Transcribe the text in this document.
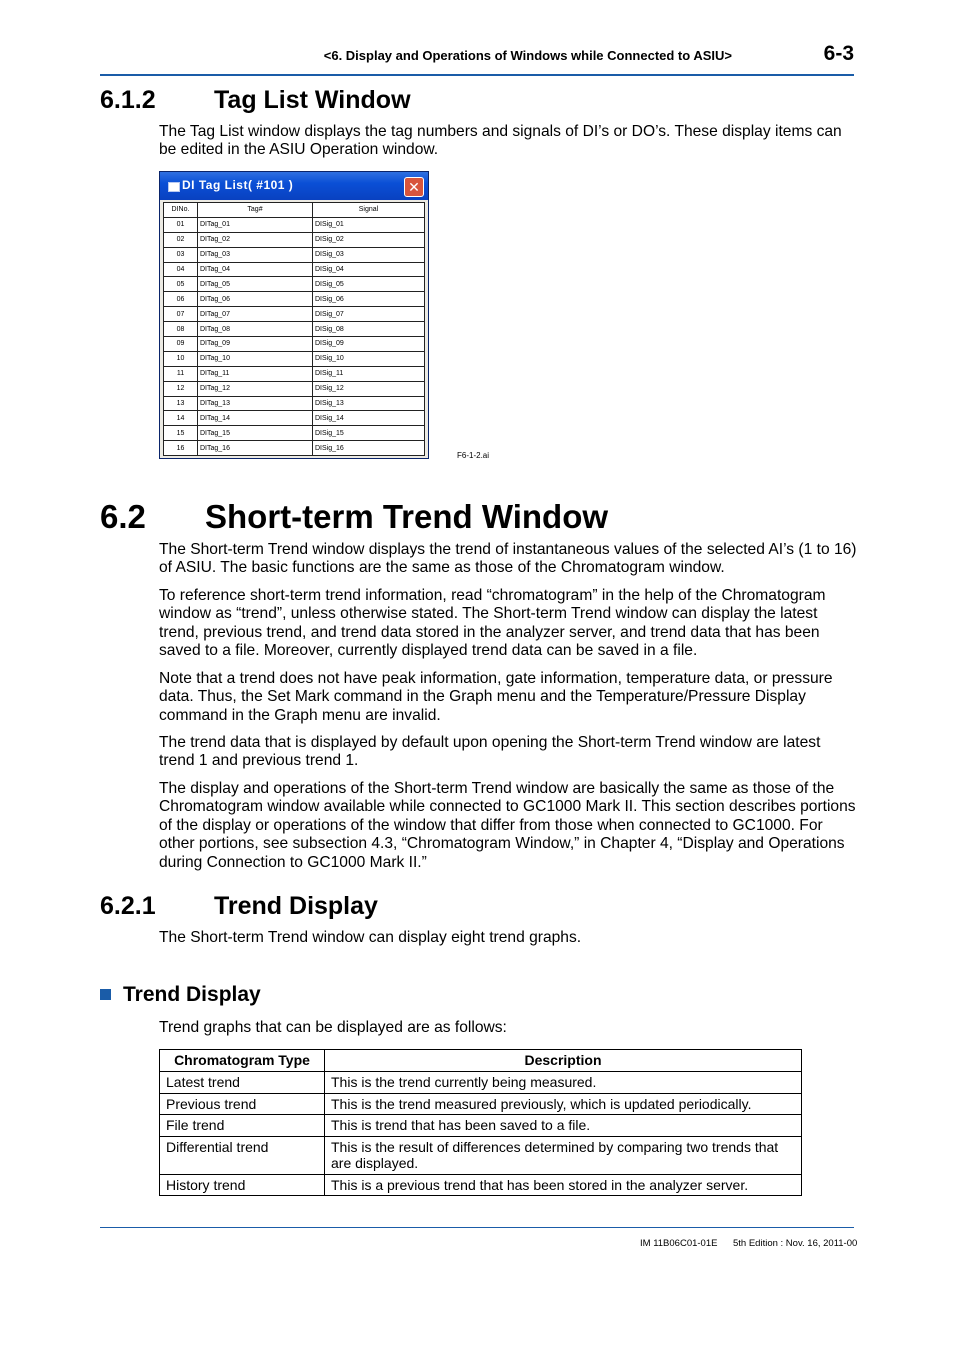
<6. Display and Operations of Windows while Connected to ASIU>	6-3
6.1.2 Tag List Window
The Tag List window displays the tag numbers and signals of DI’s or DO’s. These display items can be edited in the ASIU Operation window.
DI Tag List( #101 )	✕
DINo.	Tag#	Signal
01	DITag_01	DISig_01
02	DITag_02	DISig_02
03	DITag_03	DISig_03
04	DITag_04	DISig_04
05	DITag_05	DISig_05
06	DITag_06	DISig_06
07	DITag_07	DISig_07
08	DITag_08	DISig_08
09	DITag_09	DISig_09
10	DITag_10	DISig_10
11	DITag_11	DISig_11
12	DITag_12	DISig_12
13	DITag_13	DISig_13
14	DITag_14	DISig_14
15	DITag_15	DISig_15
16	DITag_16	DISig_16
F6-1-2.ai
6.2 Short-term Trend Window
The Short-term Trend window displays the trend of instantaneous values of the selected AI’s (1 to 16) of ASIU. The basic functions are the same as those of the Chromatogram window.
To reference short-term trend information, read “chromatogram” in the help of the Chromatogram window as “trend”, unless otherwise stated. The Short-term Trend window can display the latest trend, previous trend, and trend data stored in the analyzer server, and trend data that has been saved to a file. Moreover, currently displayed trend data can be saved in a file.
Note that a trend does not have peak information, gate information, temperature data, or pressure data. Thus, the Set Mark command in the Graph menu and the Temperature/Pressure Display command in the Graph menu are invalid.
The trend data that is displayed by default upon opening the Short-term Trend window are latest trend 1 and previous trend 1.
The display and operations of the Short-term Trend window are basically the same as those of the Chromatogram window available while connected to GC1000 Mark II. This section describes portions of the display or operations of the window that differ from those when connected to GC1000. For other portions, see subsection 4.3, “Chromatogram Window,” in Chapter 4, “Display and Operations during Connection to GC1000 Mark II.”
6.2.1 Trend Display
The Short-term Trend window can display eight trend graphs.
Trend Display
Trend graphs that can be displayed are as follows:
Chromatogram Type	Description
Latest trend	This is the trend currently being measured.
Previous trend	This is the trend measured previously, which is updated periodically.
File trend	This is trend that has been saved to a file.
Differential trend	This is the result of differences determined by comparing two trends that are displayed.
History trend	This is a previous trend that has been stored in the analyzer server.
IM 11B06C01-01E 5th Edition : Nov. 16, 2011-00
